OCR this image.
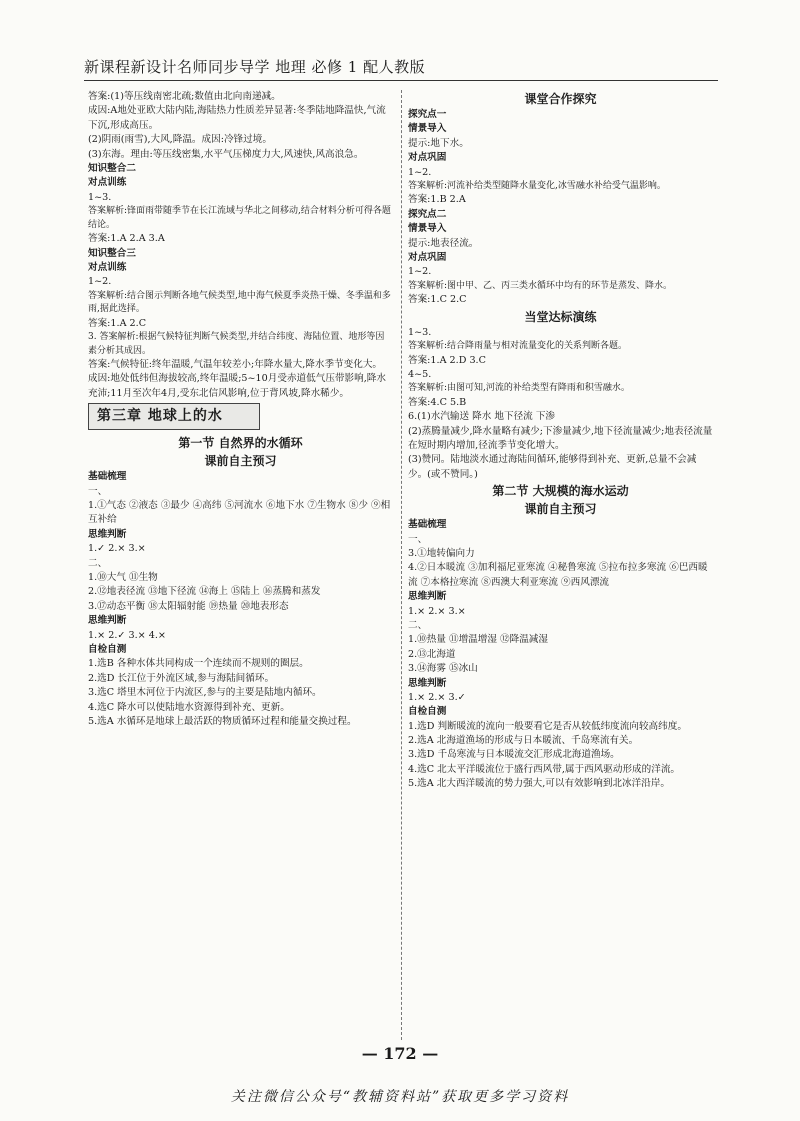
新课程新设计名师同步导学 地理 必修 1 配人教版

答案:(1)等压线南密北疏;数值由北向南递减。

成因:A地处亚欧大陆内陆,海陆热力性质差异显著:冬季陆地降温快,气流下沉,形成高压。

(2)阴雨(雨雪),大风,降温。成因:冷锋过境。

(3)东海。理由:等压线密集,水平气压梯度力大,风速快,风高浪急。

知识整合二

对点训练

1~3.

答案解析:锋面雨带随季节在长江流域与华北之间移动,结合材料分析可得各题结论。

答案:1.A 2.A 3.A

知识整合三

对点训练

1~2.

答案解析:结合图示判断各地气候类型,地中海气候夏季炎热干燥、冬季温和多雨,据此选择。

答案:1.A 2.C

3. 答案解析:根据气候特征判断气候类型,并结合纬度、海陆位置、地形等因素分析其成因。

答案:气候特征:终年温暖,气温年较差小;年降水量大,降水季节变化大。

成因:地处低纬但海拔较高,终年温暖;5~10月受赤道低气压带影响,降水充沛;11月至次年4月,受东北信风影响,位于背风坡,降水稀少。

第三章 地球上的水

第一节 自然界的水循环

课前自主预习

基础梳理

一、

1.①气态 ②液态 ③最少 ④高纬 ⑤河流水 ⑥地下水 ⑦生物水 ⑧少 ⑨相互补给

思维判断

1.✓ 2.× 3.×

二、

1.⑩大气 ⑪生物

2.⑫地表径流 ⑬地下径流 ⑭海上 ⑮陆上 ⑯蒸腾和蒸发

3.⑰动态平衡 ⑱太阳辐射能 ⑲热量 ⑳地表形态

思维判断

1.× 2.✓ 3.× 4.×

自检自测

1.选B 各种水体共同构成一个连续而不规则的圈层。

2.选D 长江位于外流区域,参与海陆间循环。

3.选C 塔里木河位于内流区,参与的主要是陆地内循环。

4.选C 降水可以使陆地水资源得到补充、更新。

5.选A 水循环是地球上最活跃的物质循环过程和能量交换过程。

课堂合作探究

探究点一

情景导入

提示:地下水。

对点巩固

1~2.

答案解析:河流补给类型随降水量变化,冰雪融水补给受气温影响。

答案:1.B 2.A

探究点二

情景导入

提示:地表径流。

对点巩固

1~2.

答案解析:图中甲、乙、丙三类水循环中均有的环节是蒸发、降水。

答案:1.C 2.C

当堂达标演练

1~3.

答案解析:结合降雨量与相对流量变化的关系判断各题。

答案:1.A 2.D 3.C

4~5.

答案解析:由图可知,河流的补给类型有降雨和积雪融水。

答案:4.C 5.B

6.(1)水汽输送 降水 地下径流 下渗

(2)蒸腾量减少,降水量略有减少;下渗量减少,地下径流量减少;地表径流量在短时期内增加,径流季节变化增大。

(3)赞同。陆地淡水通过海陆间循环,能够得到补充、更新,总量不会减少。(或不赞同。)

第二节 大规模的海水运动

课前自主预习

基础梳理

一、

3.①地转偏向力

4.②日本暖流 ③加利福尼亚寒流 ④秘鲁寒流 ⑤拉布拉多寒流 ⑥巴西暖流 ⑦本格拉寒流 ⑧西澳大利亚寒流 ⑨西风漂流

思维判断

1.× 2.× 3.×

二、

1.⑩热量 ⑪增温增湿 ⑫降温减湿

2.⑬北海道

3.⑭海雾 ⑮冰山

思维判断

1.× 2.× 3.✓

自检自测

1.选D 判断暖流的流向一般要看它是否从较低纬度流向较高纬度。

2.选A 北海道渔场的形成与日本暖流、千岛寒流有关。

3.选D 千岛寒流与日本暖流交汇形成北海道渔场。

4.选C 北太平洋暖流位于盛行西风带,属于西风驱动形成的洋流。

5.选A 北大西洋暖流的势力强大,可以有效影响到北冰洋沿岸。

— 172 —
关注微信公众号“教辅资料站”获取更多学习资料
